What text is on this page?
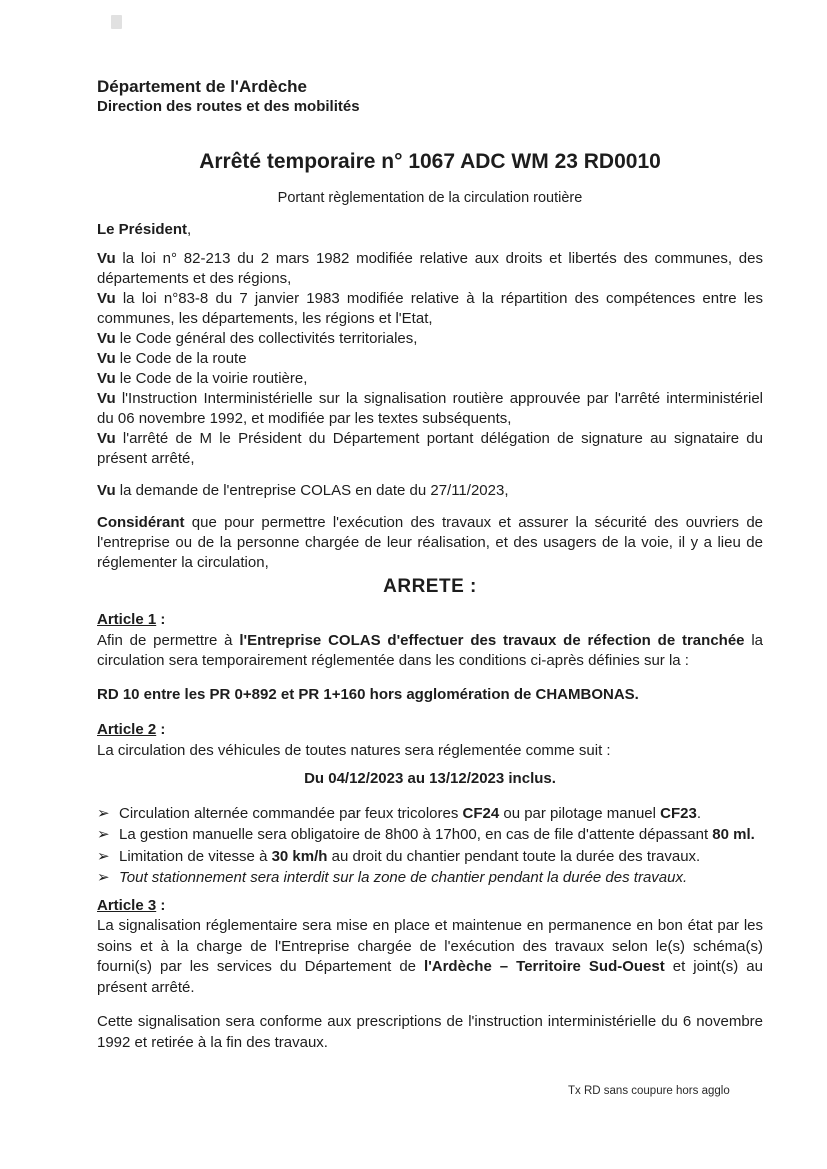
Département de l'Ardèche
Direction des routes et des mobilités
Arrêté temporaire n° 1067 ADC WM 23 RD0010
Portant règlementation de la circulation routière

Le Président,

Vu la loi n° 82-213 du 2 mars 1982 modifiée relative aux droits et libertés des communes, des départements et des régions,

Vu la loi n°83-8 du 7 janvier 1983 modifiée relative à la répartition des compétences entre les communes, les départements, les régions et l'Etat,

Vu le Code général des collectivités territoriales,

Vu le Code de la route

Vu le Code de la voirie routière,

Vu l'Instruction Interministérielle sur la signalisation routière approuvée par l'arrêté interministériel du 06 novembre 1992, et modifiée par les textes subséquents,

Vu l'arrêté de M le Président du Département portant délégation de signature au signataire du présent arrêté,

Vu la demande de l'entreprise COLAS en date du 27/11/2023,

Considérant que pour permettre l'exécution des travaux et assurer la sécurité des ouvriers de l'entreprise ou de la personne chargée de leur réalisation, et des usagers de la voie, il y a lieu de réglementer la circulation,

ARRETE :

Article 1 :

Afin de permettre à l'Entreprise COLAS d'effectuer des travaux de réfection de tranchée la circulation sera temporairement réglementée dans les conditions ci-après définies sur la :

RD 10 entre les PR 0+892 et PR 1+160 hors agglomération de CHAMBONAS.

Article 2 :

La circulation des véhicules de toutes natures sera réglementée comme suit :

Du 04/12/2023 au 13/12/2023 inclus.

➢ Circulation alternée commandée par feux tricolores CF24 ou par pilotage manuel CF23.
➢ La gestion manuelle sera obligatoire de 8h00 à 17h00, en cas de file d'attente dépassant 80 ml.
➢ Limitation de vitesse à 30 km/h au droit du chantier pendant toute la durée des travaux.
➢ Tout stationnement sera interdit sur la zone de chantier pendant la durée des travaux.

Article 3 :

La signalisation réglementaire sera mise en place et maintenue en permanence en bon état par les soins et à la charge de l'Entreprise chargée de l'exécution des travaux selon le(s) schéma(s) fourni(s) par les services du Département de l'Ardèche – Territoire Sud-Ouest et joint(s) au présent arrêté.

Cette signalisation sera conforme aux prescriptions de l'instruction interministérielle du 6 novembre 1992 et retirée à la fin des travaux.

Tx RD sans coupure hors agglo
